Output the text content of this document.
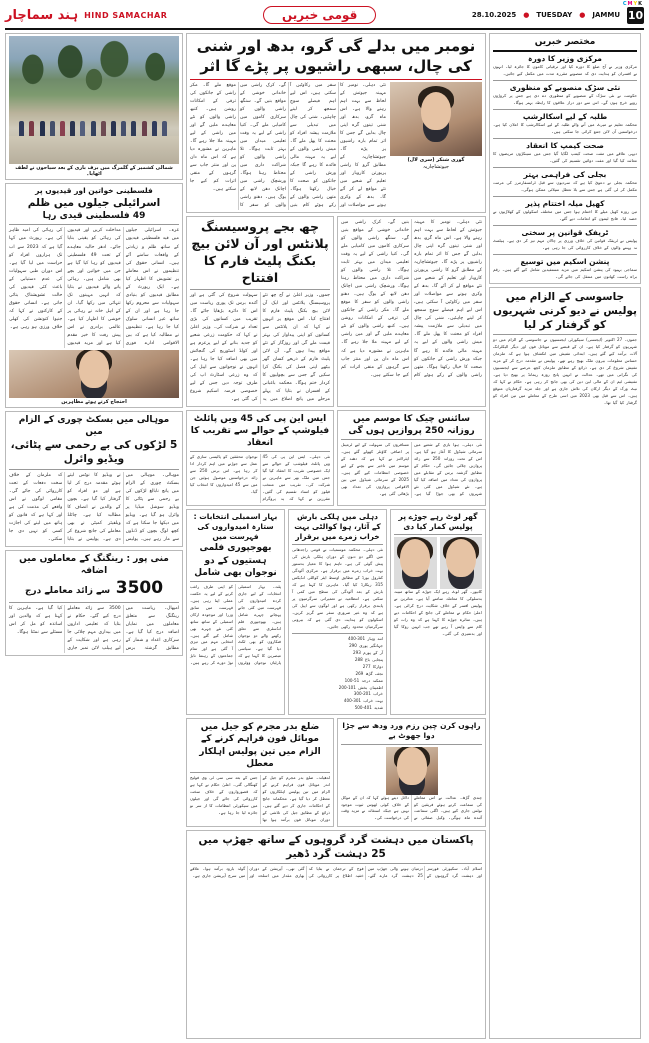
ہند سماچار HIND SAMACHAR	قومی خبریں	28.10.2025 ● TUESDAY ● JAMMU 10
CMYK
شمالی کشمیر کے گلمرگ میں برف باری کے بعد سیاحوں نے لطف اٹھایا۔
فلسطینی خواتین اور قیدیوں پر
اسرائیلی جیلوں میں ظلم
49 فلسطینی قیدی رہا
غزہ۔ اسرائیلی جیلوں میں قید فلسطینی قیدیوں کے ساتھ ظلم و زیادتی کے واقعات سامنے آئے ہیں۔ انسانی حقوق کی تنظیموں نے اس معاملے پر تشویش کا اظہار کیا ہے۔ ایک رپورٹ کے مطابق قیدیوں کو بنیادی سہولیات سے محروم رکھا جا رہا ہے اور ان کے ساتھ غیر انسانی سلوک کیا جا رہا ہے۔ تنظیموں نے مطالبہ کیا ہے کہ بین الاقوامی ادارے فوری مداخلت کریں اور قیدیوں کی رہائی کو یقینی بنایا جائے۔ ادھر حالیہ معاہدے کے تحت 49 فلسطینی قیدیوں کو رہا کیا گیا ہے جن میں خواتین اور بچے بھی شامل ہیں۔ رہائی پانے والے قیدیوں نے بتایا کہ انہیں مہینوں تک تنہائی میں رکھا گیا۔ ان کے اہل خانہ نے رہائی پر خوشی کا اظہار کیا ہے۔ عالمی برادری نے اس پیش رفت کا خیر مقدم کیا ہے اور مزید قیدیوں کی رہائی کی امید ظاہر کی ہے۔ رپورٹ میں کہا گیا ہے کہ 2023 سے اب تک ہزاروں افراد کو حراست میں لیا گیا ہے۔ اس دوران طبی سہولیات کی عدم دستیابی کے باعث کئی قیدیوں کی حالت تشویشناک بتائی جاتی ہے۔ انسانی حقوق کے کارکنوں نے کہا کہ جنیوا کنونشن کی کھلی خلاف ورزی ہو رہی ہے۔
احتجاج کرتے ہوئے مظاہرین
موہالی میں بسکٹ چوری کے الزام میں
5 لڑکوں کی بے رحمی سے پٹائی، ویڈیو وائرل
موہالی۔ موہالی میں بسکٹ چوری کے الزام میں پانچ نابالغ لڑکوں کی بے رحمی سے پٹائی کا ویڈیو سوشل میڈیا پر وائرل ہو گیا ہے۔ ویڈیو میں دیکھا جا سکتا ہے کہ کچھ لوگ بچوں کو ڈنڈوں سے مار رہے ہیں۔ پولیس نے ویڈیو کا نوٹس لیتے ہوئے مقدمہ درج کر لیا ہے اور دو افراد کو گرفتار کیا گیا ہے۔ بچوں کے والدین نے انصاف کا مطالبہ کیا ہے۔ چائلڈ ویلفیئر کمیٹی نے بھی معاملے کی جانچ شروع کر دی ہے۔ پولیس نے بتایا کہ ملزمان کے خلاف سخت دفعات کے تحت کارروائی کی جائے گی۔ مقامی لوگوں نے اس واقعے کی مذمت کی ہے اور کہا ہے کہ قانون کو ہاتھ میں لینے کی اجازت کسی کو نہیں دی جا سکتی۔
منی پور : رینگنگ کے معاملوں میں اضافہ
3500 سے زائد معاملے درج
امپھال۔ ریاست میں رینگنگ سے متعلق معاملوں میں نمایاں اضافہ درج کیا گیا ہے۔ سرکاری اعداد و شمار کے مطابق گزشتہ برس 3500 سے زائد معاملے درج کیے گئے۔ حکام نے بتایا کہ تعلیمی اداروں میں بیداری مہم چلائی جا رہی ہے اور شکایت کے لیے ہیلپ لائن نمبر جاری کیا گیا ہے۔ ماہرین کا کہنا ہے کہ والدین اور اساتذہ کو مل کر اس مسئلے سے نمٹنا ہوگا۔
نومبر میں بدلے گی گرو، بدھ اور شنی کی چال، سبھی راشیوں پر پڑے گا اثر
نئی دہلی۔ نومبر کا مہینہ جیوتش کے لحاظ سے بہت اہم رہنے والا ہے۔ اس ماہ گرو، بدھ اور شنی تینوں گرہ اپنی چال بدلیں گے جس کا اثر تمام بارہ راشیوں پر پڑے گا۔ جیوتشاچاریہ کے مطابق گرو کا راشی پریورتن کاروبار اور تعلیم کے شعبے میں نئے مواقع لے کر آئے گا۔ بدھ کے وکری ہونے سے مواصلات اور سفر میں رکاوٹیں آ سکتی ہیں، اس لیے اہم فیصلے سوچ سمجھ کر لینے چاہئیں۔ شنی کی چال میں تبدیلی سے ملازمت پیشہ افراد کو محنت کا پھل ملے گا۔ میش راشی والوں کے لیے یہ مہینہ مالی فائدے کا رہے گا جبکہ ورش راشی کے جاتکوں کو صحت کا خیال رکھنا ہوگا۔ متھن راشی والوں کے رکے ہوئے کام بنیں گے۔ کرک راشی میں خاندانی خوشی کے مواقع بنیں گے۔ سنگھ راشی والوں کو سرکاری کاموں میں کامیابی ملے گی۔ کنیا راشی کے لیے یہ وقت تعلیمی میدان میں بہتر ثابت ہوگا۔ تلا راشی والوں کو شراکت داری میں محتاط رہنا ہوگا۔ ورشچک راشی میں اچانک دھن لابھ کے یوگ ہیں۔ دھنو راشی والوں کو سفر کا موقع ملے گا۔ مکر راشی کے جاتکوں کی ترقی کے امکانات روشن ہیں۔ کنبھ راشی والوں کو نئے معاہدے ملیں گے اور مین راشی کے لیے مہینہ ملا جلا رہے گا۔ ماہرین نے مشورہ دیا ہے کہ اس ماہ دان پن اور منتر جاپ سے گرہوں کے منفی اثرات کم کیے جا سکتے ہیں۔
گوری شنکر (سری لال)
جیوتشاچاریہ
چھ بجے پروسیسنگ پلانٹس اور آن لائن بیچ بکنگ پلیٹ فارم کا افتتاح
جموں۔ وزیر اعلیٰ نے آج چھ نئے پروسیسنگ پلانٹس اور ایک آن لائن بیچ بکنگ پلیٹ فارم کا افتتاح کیا۔ اس موقع پر انہوں نے کہا کہ ان پلانٹس سے کسانوں کو اپنی پیداوار کی بہتر قیمت ملے گی اور روزگار کے نئے مواقع پیدا ہوں گے۔ آن لائن پلیٹ فارم کے ذریعے کسان گھر بیٹھے اپنی فصل کی بکنگ کرا سکیں گے جس سے بچولیوں کا کردار ختم ہوگا۔ محکمہ باغبانی کے افسران نے بتایا کہ پہلے مرحلے میں پانچ اضلاع میں یہ سہولت شروع کی گئی ہے اور آئندہ برس تک پوری ریاست میں اس کا دائرہ بڑھایا جائے گا۔ تقریب میں کسانوں کی بڑی تعداد نے شرکت کی۔ وزیر اعلیٰ نے کہا کہ حکومت زرعی شعبے کو جدید بنانے کے لیے پرعزم ہے اور کولڈ اسٹوریج کی گنجائش میں بھی اضافہ کیا جا رہا ہے۔ انہوں نے نوجوانوں سے اپیل کی کہ وہ زرعی اسٹارٹ اپ کی طرف توجہ دیں جس کے لیے خصوصی قرضہ اسکیم شروع کی گئی ہے۔
نئی دہلی۔ نومبر کا مہینہ جیوتش کے لحاظ سے بہت اہم رہنے والا ہے۔ اس ماہ گرو، بدھ اور شنی تینوں گرہ اپنی چال بدلیں گے جس کا اثر تمام بارہ راشیوں پر پڑے گا۔ جیوتشاچاریہ کے مطابق گرو کا راشی پریورتن کاروبار اور تعلیم کے شعبے میں نئے مواقع لے کر آئے گا۔ بدھ کے وکری ہونے سے مواصلات اور سفر میں رکاوٹیں آ سکتی ہیں، اس لیے اہم فیصلے سوچ سمجھ کر لینے چاہئیں۔ شنی کی چال میں تبدیلی سے ملازمت پیشہ افراد کو محنت کا پھل ملے گا۔ میش راشی والوں کے لیے یہ مہینہ مالی فائدے کا رہے گا جبکہ ورش راشی کے جاتکوں کو صحت کا خیال رکھنا ہوگا۔ متھن راشی والوں کے رکے ہوئے کام بنیں گے۔ کرک راشی میں خاندانی خوشی کے مواقع بنیں گے۔ سنگھ راشی والوں کو سرکاری کاموں میں کامیابی ملے گی۔ کنیا راشی کے لیے یہ وقت تعلیمی میدان میں بہتر ثابت ہوگا۔ تلا راشی والوں کو شراکت داری میں محتاط رہنا ہوگا۔ ورشچک راشی میں اچانک دھن لابھ کے یوگ ہیں۔ دھنو راشی والوں کو سفر کا موقع ملے گا۔ مکر راشی کے جاتکوں کی ترقی کے امکانات روشن ہیں۔ کنبھ راشی والوں کو نئے معاہدے ملیں گے اور مین راشی کے لیے مہینہ ملا جلا رہے گا۔ ماہرین نے مشورہ دیا ہے کہ اس ماہ دان پن اور منتر جاپ سے گرہوں کے منفی اثرات کم کیے جا سکتے ہیں۔
ایس این پی کی 45 ویں پائلٹ فیلوشپ کے حوالے سے تقریب کا انعقاد
نئی دہلی۔ ایس این پی کی 45 ویں پائلٹ فیلوشپ کے حوالے سے ایک خصوصی تقریب کا انعقاد کیا گیا جس میں ملک بھر سے ماہرین نے شرکت کی۔ تقریب میں منتخب فیلوز کو اسناد تقسیم کی گئیں۔ مقررین نے کہا کہ یہ پروگرام نوجوان محققین کو پالیسی سازی کے عمل سے جوڑنے میں اہم کردار ادا کر رہا ہے۔ اس برس 250 سے زائد درخواستیں موصول ہوئیں جن میں سے 45 امیدواروں کا انتخاب کیا گیا۔
سائنس چیک کا موسم میں روزانہ 250 پروازیں ہوں گی
نئی دہلی۔ ہوا بازی کے شعبے میں سرمائی شیڈول کا آغاز ہو گیا ہے۔ اس کے تحت روزانہ 250 سے زائد پروازیں چلائی جائیں گی۔ حکام کے مطابق گزشتہ برس کے مقابلے میں پروازوں کی تعداد میں اضافہ کیا گیا ہے۔ نئے شیڈول میں کئی نئے شہروں کو بھی جوڑا گیا ہے۔ مسافروں کی سہولت کے لیے ٹرمینل پر اضافی کاؤنٹر کھولے گئے ہیں۔ ایئرلائنز نے کہا ہے کہ دھند کے موسم میں تاخیر سے بچنے کے لیے خصوصی انتظامات کیے گئے ہیں۔ 2025 کے سرمائی شیڈول میں بین الاقوامی پروازوں کی تعداد بھی بڑھائی گئی ہے۔
بہار اسمبلی انتخابات : ستارہ امیدواروں کی فہرست میں
بھوجپوری فلمی ہستیوں کے دو نوجوان بھی شامل
پٹنہ۔ بہار اسمبلی انتخابات کے لیے جاری کردہ امیدواروں کی فہرست میں کئی جانے پہچانے چہرے شامل ہیں۔ بھوجپوری فلم انڈسٹری سے تعلق رکھنے والے دو نوجوان فنکاروں کو بھی ٹکٹ دیا گیا ہے۔ سیاسی مبصرین کا کہنا ہے کہ پارٹیاں نوجوان ووٹروں کو اپنی طرف راغب کرنے کے لیے یہ حکمت عملی اپنا رہی ہیں۔ فہرست میں سابق وزرا اور موجودہ ارکان اسمبلی کے ساتھ ساتھ کئی نئے چہرے بھی شامل کیے گئے ہیں۔ انتخابی مہم میں تیزی آ گئی ہے اور تمام جماعتوں کے رہنما تابڑ توڑ دورے کر رہے ہیں۔
دہلی میں ہلکی بارش کے آثار، ہوا کوالٹی بہت خراب زمرے میں برقرار
نئی دہلی۔ محکمہ موسمیات نے قومی راجدھانی میں اگلے دو دنوں کے دوران ہلکی بارش کی پیش گوئی کی ہے۔ تاہم ہوا کا معیار بدستور بہت خراب زمرے میں برقرار ہے۔ مرکزی آلودگی کنٹرول بورڈ کے مطابق اوسط ایئر کوالٹی انڈیکس 315 ریکارڈ کیا گیا۔ ماہرین کا کہنا ہے کہ بارش کے بعد آلودگی کی سطح میں کمی آ سکتی ہے۔ انتظامیہ نے تعمیراتی سرگرمیوں پر پابندی برقرار رکھی ہے اور لوگوں سے اپیل کی ہے کہ وہ غیر ضروری سفر سے گریز کریں۔ اسکولوں کو ہدایت دی گئی ہے کہ بیرونی سرگرمیاں محدود رکھی جائیں۔
انند وہار 301-400
جہانگیر پوری 290
آر کے پورم 293
پنجابی باغ 288
دوارکا 277
نجف گڑھ 269
ممکنہ درجہ 51-100
اطمینان بخش 101-200
خراب 201-300
بہت خراب 301-400
شدید 401-500
گھر لوٹ رہے جوڑے پر پولیس کمار کیا دی
کانپور۔ گھر لوٹ رہے ایک جوڑے کے ساتھ مبینہ بدسلوکی کا معاملہ سامنے آیا ہے۔ متاثرین نے پولیس افسر کے خلاف شکایت درج کرائی ہے۔ اعلیٰ حکام نے معاملے کی جانچ کے احکامات دیے ہیں۔ متاثرہ جوڑے کا کہنا ہے کہ وہ رات کو کام سے واپس آ رہے تھے جب انہیں روکا گیا اور بدتمیزی کی گئی۔
ضلع بدر مجرم کو جیل میں موبائل فون فراہم کرنے کے الزام میں تین پولیس اہلکار معطل
لدھیانہ۔ ضلع بدر مجرم کو جیل کے اندر موبائل فون فراہم کرنے کے الزام میں تین پولیس اہلکاروں کو معطل کر دیا گیا ہے۔ محکمانہ جانچ کے احکامات جاری کر دیے گئے ہیں۔ ذرائع کے مطابق جیل کی تلاشی کے دوران موبائل فون برآمد ہوا تھا جس کے بعد سی سی ٹی وی فوٹیج کھنگالی گئی۔ اعلیٰ حکام نے کہا ہے کہ قصورواروں کے خلاف سخت کارروائی کی جائے گی اور جیلوں میں سیکورٹی انتظامات کا از سر نو جائزہ لیا جا رہا ہے۔
راہوں کرن چین رزم ورد ودھ سے جڑا دوا جھوٹ بے
چندی گڑھ۔ عدالت نے اس معاملے کی سماعت کرتے ہوئے فریقین کو نوٹس جاری کیے ہیں۔ اگلی سماعت آئندہ ماہ ہوگی۔ وکیل صفائی نے دلائل دیتے ہوئے کہا کہ ان کے موکل کے خلاف کوئی ٹھوس ثبوت موجود نہیں ہے جبکہ استغاثہ نے مزید وقت کی درخواست کی۔
پاکستان میں دہشت گرد گروہوں کے ساتھ جھڑپ میں 25 دہشت گرد ڈھیر
اسلام آباد۔ سکیورٹی فورسز اور دہشت گرد گروہوں کے درمیان ہونے والی جھڑپ میں 25 دہشت گرد مارے گئے۔ فوج کے ترجمان نے بتایا کہ خفیہ اطلاع پر کارروائی کی گئی تھی۔ آپریشن کے دوران بھاری مقدار میں اسلحہ اور گولہ بارود برآمد ہوا۔ علاقے میں سرچ آپریشن جاری ہے۔
مختصر خبریں
مرکزی وزیر کا دورہ
مرکزی وزیر نے آج ضلع کا دورہ کیا اور ترقیاتی کاموں کا جائزہ لیا۔ انہوں نے افسران کو ہدایت دی کہ منصوبے مقررہ مدت میں مکمل کیے جائیں۔
نئی سڑک منصوبے کو منظوری
حکومت نے نئی سڑک کے منصوبے کو منظوری دے دی ہے جس پر کروڑوں روپے خرچ ہوں گے۔ اس سے دور دراز علاقوں کا رابطہ بہتر ہوگا۔
طلبہ کے لیے اسکالرشپ
محکمہ تعلیم نے میرٹ میں آنے والے طلبہ کے لیے اسکالرشپ کا اعلان کیا ہے۔ درخواستیں آن لائن جمع کرائی جا سکتی ہیں۔
صحت کیمپ کا انعقاد
دیہی علاقے میں مفت صحت کیمپ لگایا گیا جس میں سینکڑوں مریضوں کا معائنہ کیا گیا اور مفت دوائیں تقسیم کی گئیں۔
بجلی کی فراہمی بہتر
محکمہ بجلی نے دعویٰ کیا ہے کہ سردیوں سے قبل ٹرانسفارمرز کی مرمت مکمل کر لی گئی ہے جس سے بلا تعطل سپلائی ممکن ہوگی۔
کھیل میلہ اختتام پذیر
تین روزہ کھیل میلے کا اختتام ہوا جس میں مختلف اسکولوں کے کھلاڑیوں نے حصہ لیا۔ فاتح ٹیموں کو انعامات دیے گئے۔
ٹریفک قوانین پر سختی
پولیس نے ٹریفک قوانین کی خلاف ورزی پر چالان مہم تیز کر دی ہے۔ ہیلمٹ نہ پہننے والوں کے خلاف کارروائی کی جا رہی ہے۔
پنشن اسکیم میں توسیع
سماجی بہبود کی پنشن اسکیم میں مزید مستفیدین شامل کیے گئے ہیں۔ رقم براہ راست کھاتوں میں منتقل کی جائے گی۔
جاسوسی کے الزام میں پولیس نے دیو کرنی شہریوں کو گرفتار کر لیا
جموں۔ 27 اکتوبر (ایجنسی) سیکورٹی ایجنسیوں نے جاسوسی کے الزام میں دو شہریوں کو گرفتار کیا ہے۔ ان کے قبضے سے موبائل فون اور دیگر الیکٹرانک آلات برآمد کیے گئے ہیں۔ ابتدائی تفتیش میں انکشاف ہوا ہے کہ ملزمان حساس معلومات بیرون ملک بھیج رہے تھے۔ پولیس نے مقدمہ درج کر کے مزید تفتیش شروع کر دی ہے۔ ذرائع کے مطابق ملزمان کچھ عرصے سے ایجنسیوں کی نگرانی میں تھے۔ عدالت نے انہیں پانچ روزہ ریمانڈ پر بھیج دیا ہے۔ تفتیشی ٹیم ان کے مالی لین دین کی بھی جانچ کر رہی ہے۔ حکام نے کہا کہ نیٹ ورک کے دیگر ارکان کی تلاش جاری ہے اور جلد مزید گرفتاریاں متوقع ہیں۔ اس سے قبل بھی 2023 میں اسی طرح کے معاملے میں تین افراد کو گرفتار کیا گیا تھا۔
